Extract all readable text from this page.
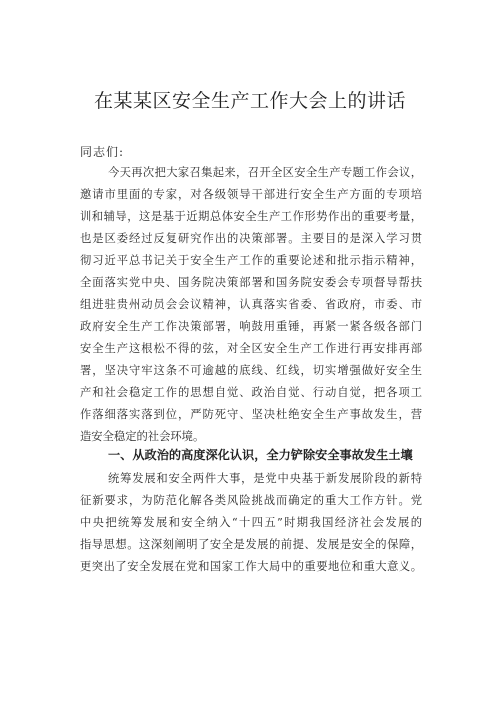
在某某区安全生产工作大会上的讲话
同志们:
今天再次把大家召集起来，召开全区安全生产专题工作会议，
邀请市里面的专家，对各级领导干部进行安全生产方面的专项培
训和辅导，这是基于近期总体安全生产工作形势作出的重要考量，
也是区委经过反复研究作出的决策部署。主要目的是深入学习贯
彻习近平总书记关于安全生产工作的重要论述和批示指示精神，
全面落实党中央、国务院决策部署和国务院安委会专项督导帮扶
组进驻贵州动员会会议精神，认真落实省委、省政府，市委、市
政府安全生产工作决策部署，响鼓用重锤，再紧一紧各级各部门
安全生产这根松不得的弦，对全区安全生产工作进行再安排再部
署，坚决守牢这条不可逾越的底线、红线，切实增强做好安全生
产和社会稳定工作的思想自觉、政治自觉、行动自觉，把各项工
作落细落实落到位，严防死守、坚决杜绝安全生产事故发生，营
造安全稳定的社会环境。
一、从政治的高度深化认识，全力铲除安全事故发生土壤
统筹发展和安全两件大事，是党中央基于新发展阶段的新特
征新要求，为防范化解各类风险挑战而确定的重大工作方针。党
中央把统筹发展和安全纳入“十四五”时期我国经济社会发展的
指导思想。这深刻阐明了安全是发展的前提、发展是安全的保障，
更突出了安全发展在党和国家工作大局中的重要地位和重大意义。
